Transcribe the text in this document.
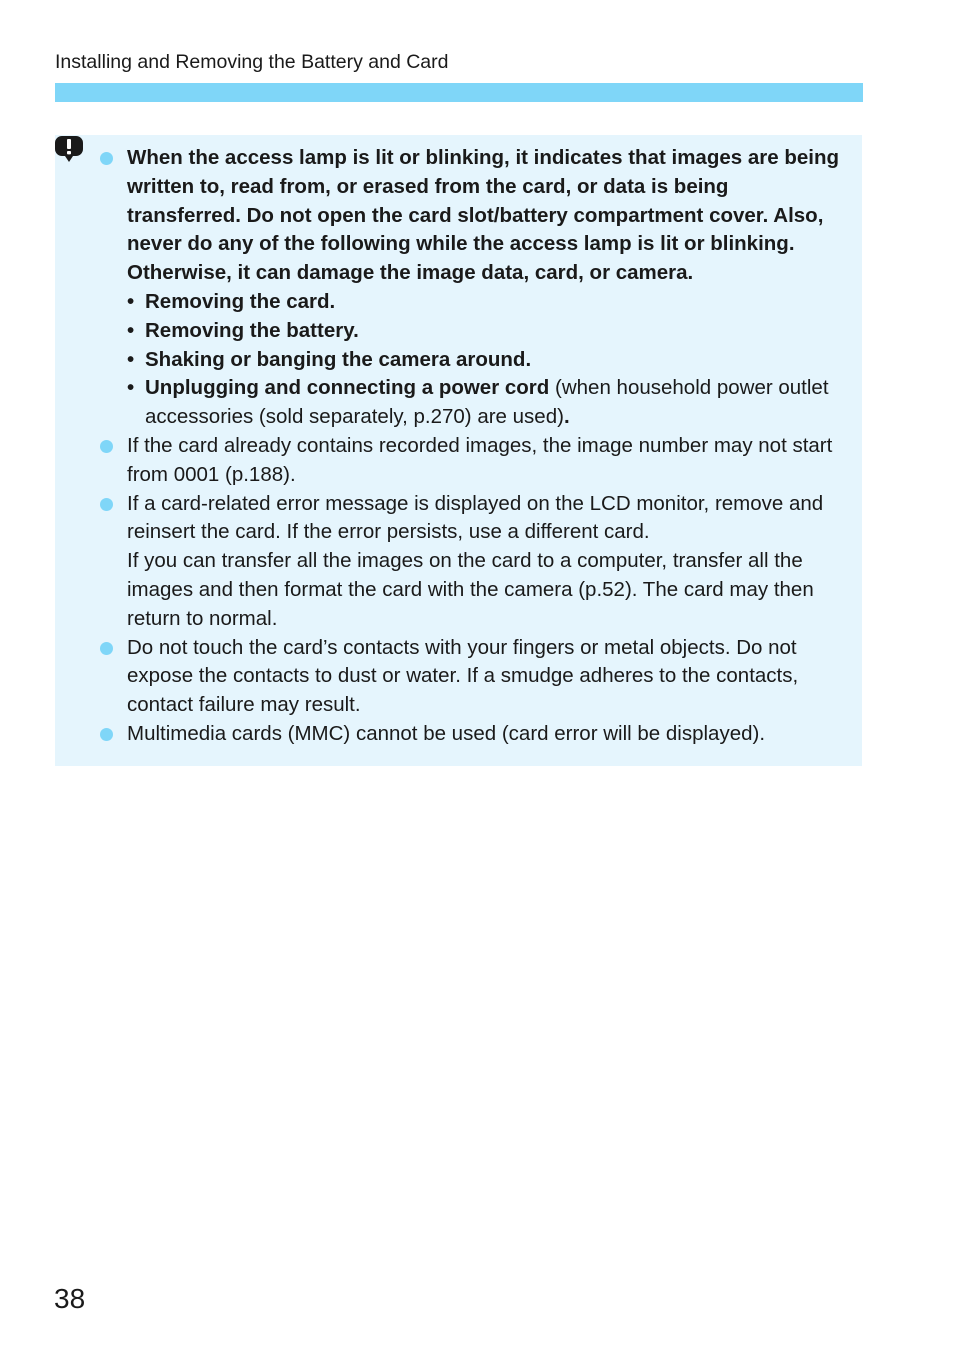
Installing and Removing the Battery and Card
When the access lamp is lit or blinking, it indicates that images are being written to, read from, or erased from the card, or data is being transferred. Do not open the card slot/battery compartment cover. Also, never do any of the following while the access lamp is lit or blinking. Otherwise, it can damage the image data, card, or camera.
• Removing the card.
• Removing the battery.
• Shaking or banging the camera around.
• Unplugging and connecting a power cord (when household power outlet accessories (sold separately, p.270) are used).
If the card already contains recorded images, the image number may not start from 0001 (p.188).
If a card-related error message is displayed on the LCD monitor, remove and reinsert the card. If the error persists, use a different card.
If you can transfer all the images on the card to a computer, transfer all the images and then format the card with the camera (p.52). The card may then return to normal.
Do not touch the card’s contacts with your fingers or metal objects. Do not expose the contacts to dust or water. If a smudge adheres to the contacts, contact failure may result.
Multimedia cards (MMC) cannot be used (card error will be displayed).
38
